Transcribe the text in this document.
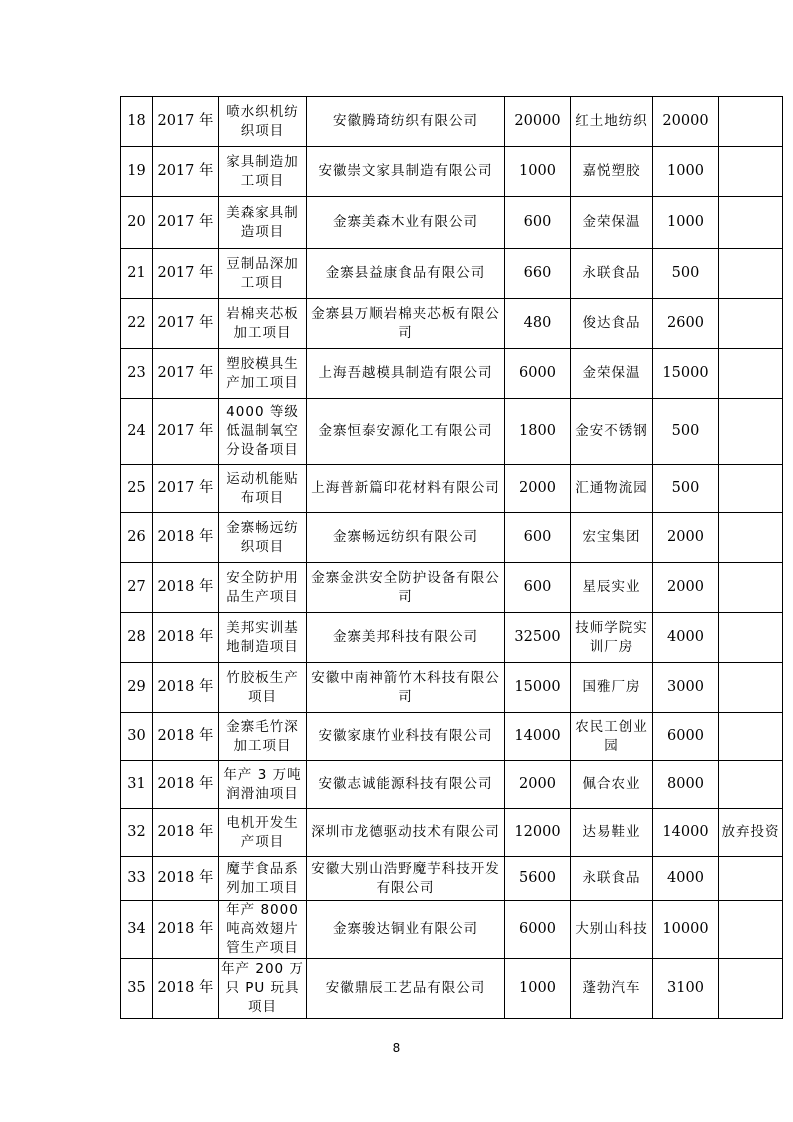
18	2017 年	喷水织机纺织项目	安徽腾琦纺织有限公司	20000	红土地纺织	20000	
19	2017 年	家具制造加工项目	安徽崇文家具制造有限公司	1000	嘉悦塑胶	1000	
20	2017 年	美森家具制造项目	金寨美森木业有限公司	600	金荣保温	1000	
21	2017 年	豆制品深加工项目	金寨县益康食品有限公司	660	永联食品	500	
22	2017 年	岩棉夹芯板加工项目	金寨县万顺岩棉夹芯板有限公司	480	俊达食品	2600	
23	2017 年	塑胶模具生产加工项目	上海吾越模具制造有限公司	6000	金荣保温	15000	
24	2017 年	4000 等级低温制氧空分设备项目	金寨恒泰安源化工有限公司	1800	金安不锈钢	500	
25	2017 年	运动机能贴布项目	上海普新篇印花材料有限公司	2000	汇通物流园	500	
26	2018 年	金寨畅远纺织项目	金寨畅远纺织有限公司	600	宏宝集团	2000	
27	2018 年	安全防护用品生产项目	金寨金洪安全防护设备有限公司	600	星辰实业	2000	
28	2018 年	美邦实训基地制造项目	金寨美邦科技有限公司	32500	技师学院实训厂房	4000	
29	2018 年	竹胶板生产项目	安徽中南神箭竹木科技有限公司	15000	国雅厂房	3000	
30	2018 年	金寨毛竹深加工项目	安徽家康竹业科技有限公司	14000	农民工创业园	6000	
31	2018 年	年产 3 万吨润滑油项目	安徽志诚能源科技有限公司	2000	佩合农业	8000	
32	2018 年	电机开发生产项目	深圳市龙德驱动技术有限公司	12000	达易鞋业	14000	放弃投资
33	2018 年	魔芋食品系列加工项目	安徽大别山浩野魔芋科技开发有限公司	5600	永联食品	4000	
34	2018 年	年产 8000 吨高效翅片管生产项目	金寨骏达铜业有限公司	6000	大别山科技	10000	
35	2018 年	年产 200 万只 PU 玩具项目	安徽鼎辰工艺品有限公司	1000	蓬勃汽车	3100	
8
